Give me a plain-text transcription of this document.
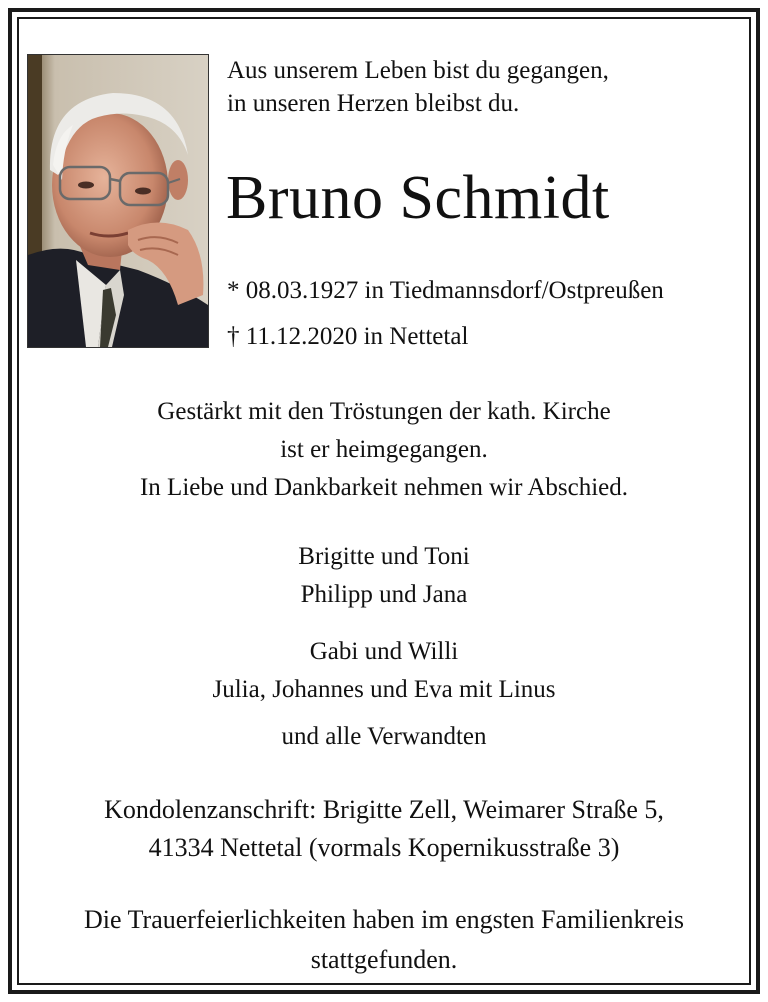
Aus unserem Leben bist du gegangen,
in unseren Herzen bleibst du.
Bruno Schmidt
* 08.03.1927 in Tiedmannsdorf/Ostpreußen
† 11.12.2020 in Nettetal
Gestärkt mit den Tröstungen der kath. Kirche
ist er heimgegangen.
In Liebe und Dankbarkeit nehmen wir Abschied.
Brigitte und Toni
Philipp und Jana
Gabi und Willi
Julia, Johannes und Eva mit Linus
und alle Verwandten
Kondolenzanschrift: Brigitte Zell, Weimarer Straße 5,
41334 Nettetal (vormals Kopernikusstraße 3)
Die Trauerfeierlichkeiten haben im engsten Familienkreis
stattgefunden.
